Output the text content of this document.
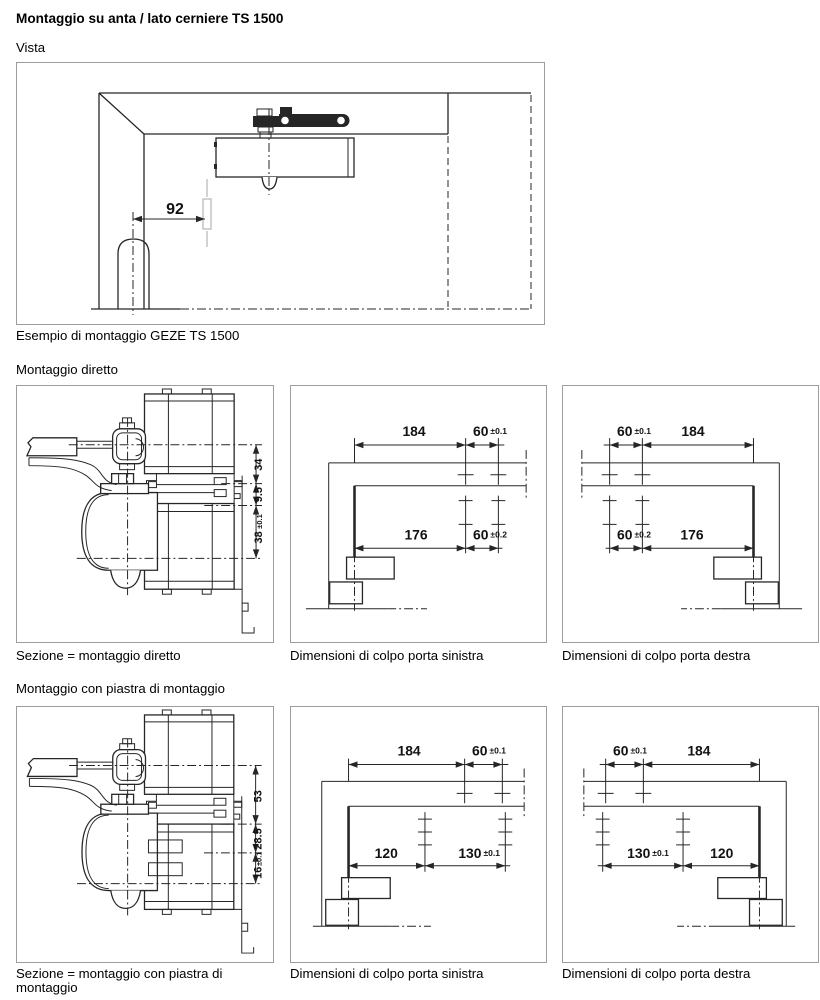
Montaggio su anta / lato cerniere TS 1500
Vista
92
Esempio di montaggio GEZE TS 1500
Montaggio diretto
34
9.5
38
±0.1
184	60 ±0.1
176	60 ±0.2
60 ±0.1 184
60 ±0.2 176
Sezione = montaggio diretto	Dimensioni di colpo porta sinistra	Dimensioni di colpo porta destra
Montaggio con piastra di montaggio
53
28.5
16
±0.1
184	60 ±0.1
120	130 ±0.1
60 ±0.1	184
130 ±0.1	120
Sezione = montaggio con piastra di montaggio
Dimensioni di colpo porta sinistra	Dimensioni di colpo porta destra
